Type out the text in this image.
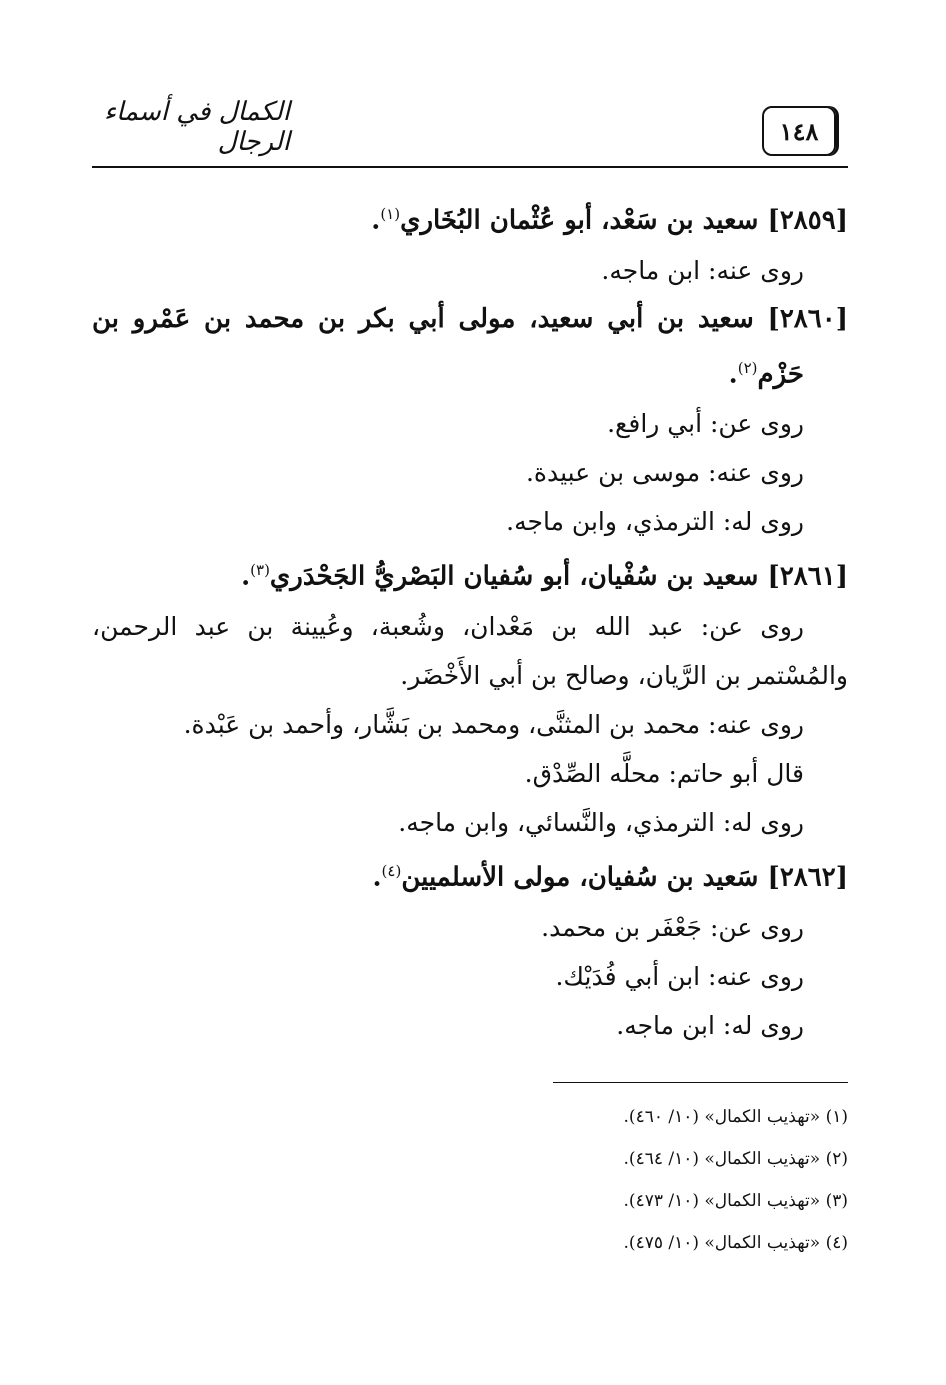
١٤٨
الكمال في أسماء الرجال
[٢٨٥٩] سعيد بن سَعْد، أبو عُثْمان البُخَاري$^{(١)}$.
روى عنه: ابن ماجه.
[٢٨٦٠] سعيد بن أبي سعيد، مولى أبي بكر بن محمد بن عَمْرو بن
حَزْم$^{(٢)}$.
روى عن: أبي رافع.
روى عنه: موسى بن عبيدة.
روى له: الترمذي، وابن ماجه.
[٢٨٦١] سعيد بن سُفْيان، أبو سُفيان البَصْريُّ الجَحْدَري$^{(٣)}$.
روى عن: عبد الله بن مَعْدان، وشُعبة، وعُيينة بن عبد الرحمن،
والمُسْتمر بن الرَّيان، وصالح بن أبي الأَخْضَر.
روى عنه: محمد بن المثنَّى، ومحمد بن بَشَّار، وأحمد بن عَبْدة.
قال أبو حاتم: محلَّه الصِّدْق.
روى له: الترمذي، والنَّسائي، وابن ماجه.
[٢٨٦٢] سَعيد بن سُفيان، مولى الأسلميين$^{(٤)}$.
روى عن: جَعْفَر بن محمد.
روى عنه: ابن أبي فُدَيْك.
روى له: ابن ماجه.
(١) «تهذيب الكمال» (١٠/ ٤٦٠).
(٢) «تهذيب الكمال» (١٠/ ٤٦٤).
(٣) «تهذيب الكمال» (١٠/ ٤٧٣).
(٤) «تهذيب الكمال» (١٠/ ٤٧٥).
